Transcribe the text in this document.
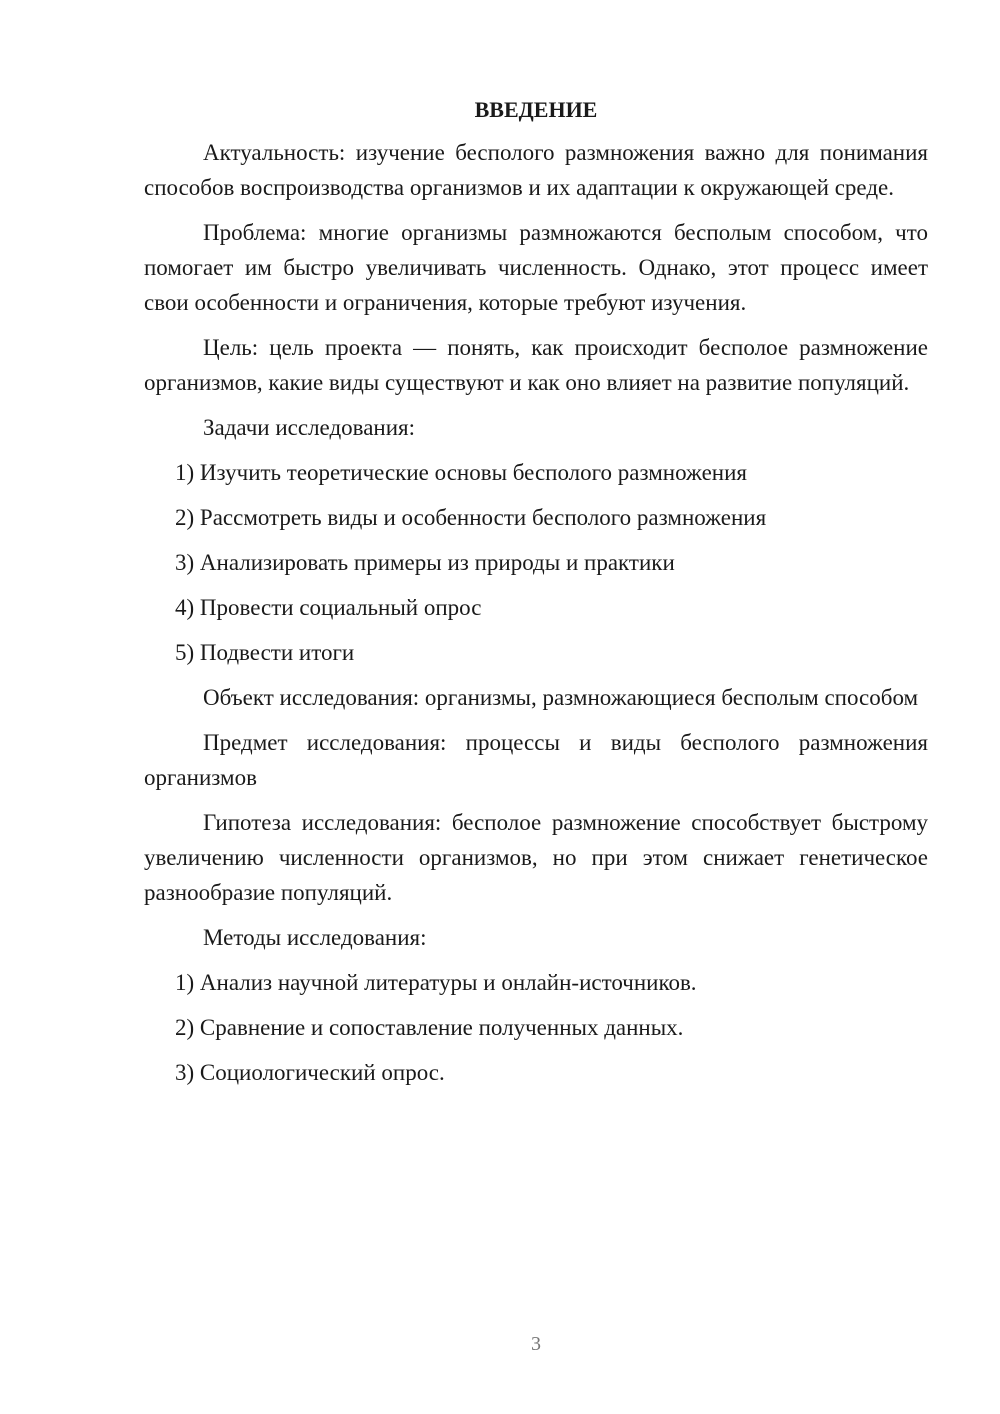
ВВЕДЕНИЕ

Актуальность: изучение бесполого размножения важно для понимания способов воспроизводства организмов и их адаптации к окружающей среде.

Проблема: многие организмы размножаются бесполым способом, что помогает им быстро увеличивать численность. Однако, этот процесс имеет свои особенности и ограничения, которые требуют изучения.

Цель: цель проекта — понять, как происходит бесполое размножение организмов, какие виды существуют и как оно влияет на развитие популяций.

Задачи исследования:

1) Изучить теоретические основы бесполого размножения

2) Рассмотреть виды и особенности бесполого размножения

3) Анализировать примеры из природы и практики

4) Провести социальный опрос

5) Подвести итоги

Объект исследования: организмы, размножающиеся бесполым способом

Предмет исследования: процессы и виды бесполого размножения организмов

Гипотеза исследования: бесполое размножение способствует быстрому увеличению численности организмов, но при этом снижает генетическое разнообразие популяций.

Методы исследования:

1) Анализ научной литературы и онлайн-источников.

2) Сравнение и сопоставление полученных данных.

3) Социологический опрос.

3
